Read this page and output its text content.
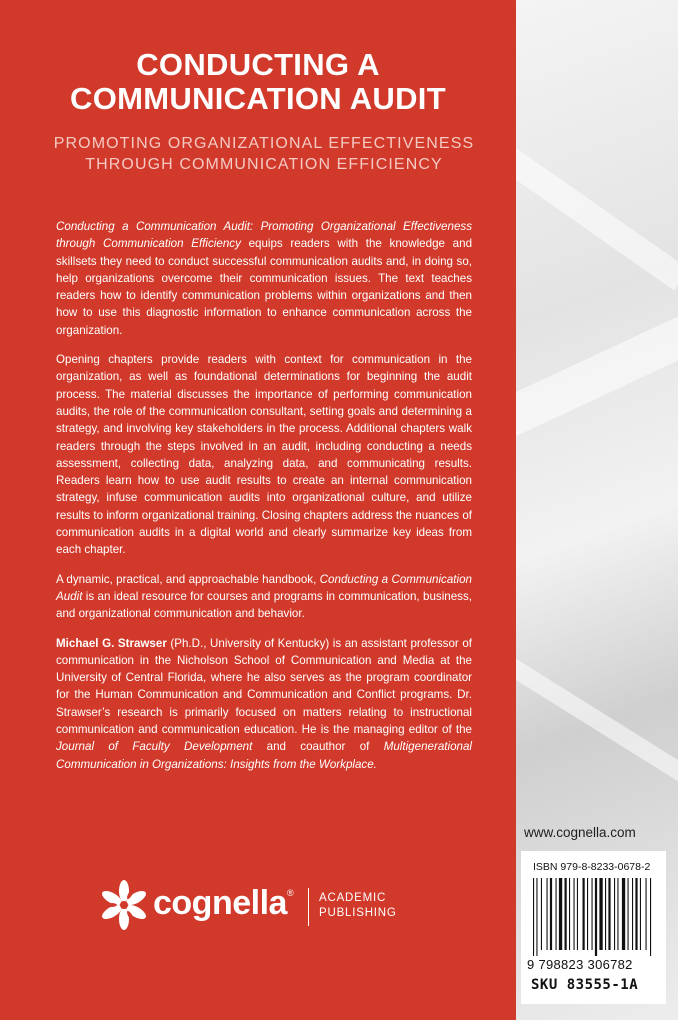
CONDUCTING A
COMMUNICATION AUDIT
PROMOTING ORGANIZATIONAL EFFECTIVENESS
THROUGH COMMUNICATION EFFICIENCY

Conducting a Communication Audit: Promoting Organizational Effectiveness through Communication Efficiency equips readers with the knowledge and skillsets they need to conduct successful communication audits and, in doing so, help organizations overcome their communication issues. The text teaches readers how to identify communication problems within organizations and then how to use this diagnostic information to enhance communication across the organization.

Opening chapters provide readers with context for communication in the organization, as well as foundational determinations for beginning the audit process. The material discusses the importance of performing communication audits, the role of the communication consultant, setting goals and determining a strategy, and involving key stakeholders in the process. Additional chapters walk readers through the steps involved in an audit, including conducting a needs assessment, collecting data, analyzing data, and communicating results. Readers learn how to use audit results to create an internal communication strategy, infuse communication audits into organizational culture, and utilize results to inform organizational training. Closing chapters address the nuances of communication audits in a digital world and clearly summarize key ideas from each chapter.

A dynamic, practical, and approachable handbook, Conducting a Communication Audit is an ideal resource for courses and programs in communication, business, and organizational communication and behavior.

Michael G. Strawser (Ph.D., University of Kentucky) is an assistant professor of communication in the Nicholson School of Communication and Media at the University of Central Florida, where he also serves as the program coordinator for the Human Communication and Communication and Conflict programs. Dr. Strawser’s research is primarily focused on matters relating to instructional communication and communication education. He is the managing editor of the Journal of Faculty Development and coauthor of Multigenerational Communication in Organizations: Insights from the Workplace.

cognella® ACADEMIC
PUBLISHING
www.cognella.com
ISBN 979-8-8233-0678-2
9 798823 306782
SKU 83555-1A
